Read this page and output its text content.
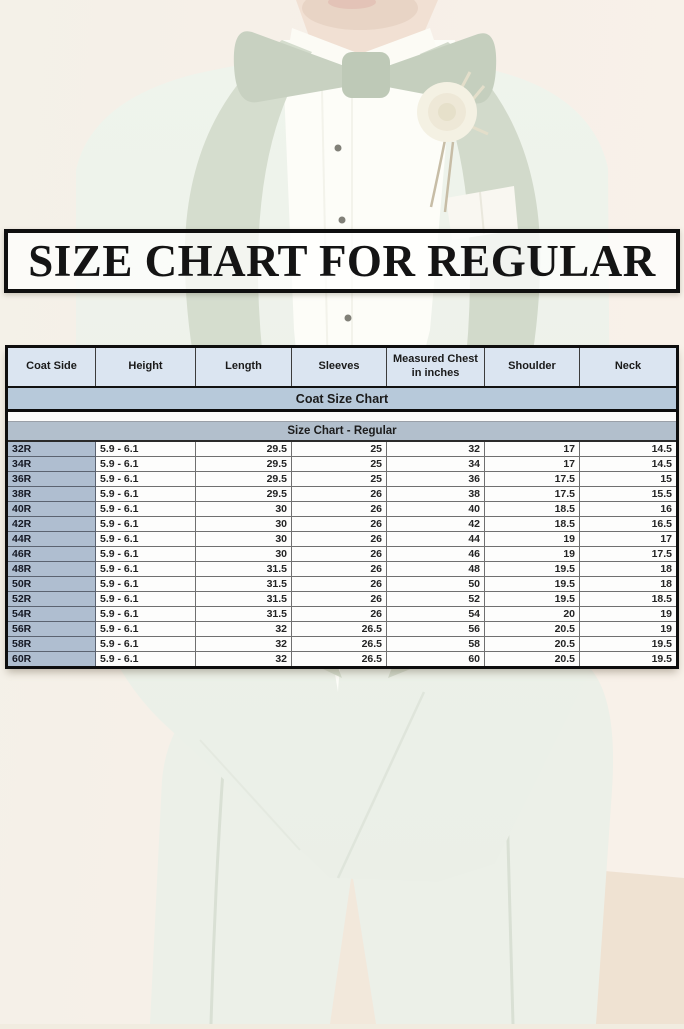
SIZE CHART FOR REGULAR
Coat Size Chart						

Size Chart - Regular						
Coat Side	Height	Length	Sleeves	Measured Chest in inches	Shoulder	Neck
32R	5.9 - 6.1	29.5	25	32	17	14.5
34R	5.9 - 6.1	29.5	25	34	17	14.5
36R	5.9 - 6.1	29.5	25	36	17.5	15
38R	5.9 - 6.1	29.5	26	38	17.5	15.5
40R	5.9 - 6.1	30	26	40	18.5	16
42R	5.9 - 6.1	30	26	42	18.5	16.5
44R	5.9 - 6.1	30	26	44	19	17
46R	5.9 - 6.1	30	26	46	19	17.5
48R	5.9 - 6.1	31.5	26	48	19.5	18
50R	5.9 - 6.1	31.5	26	50	19.5	18
52R	5.9 - 6.1	31.5	26	52	19.5	18.5
54R	5.9 - 6.1	31.5	26	54	20	19
56R	5.9 - 6.1	32	26.5	56	20.5	19
58R	5.9 - 6.1	32	26.5	58	20.5	19.5
60R	5.9 - 6.1	32	26.5	60	20.5	19.5
